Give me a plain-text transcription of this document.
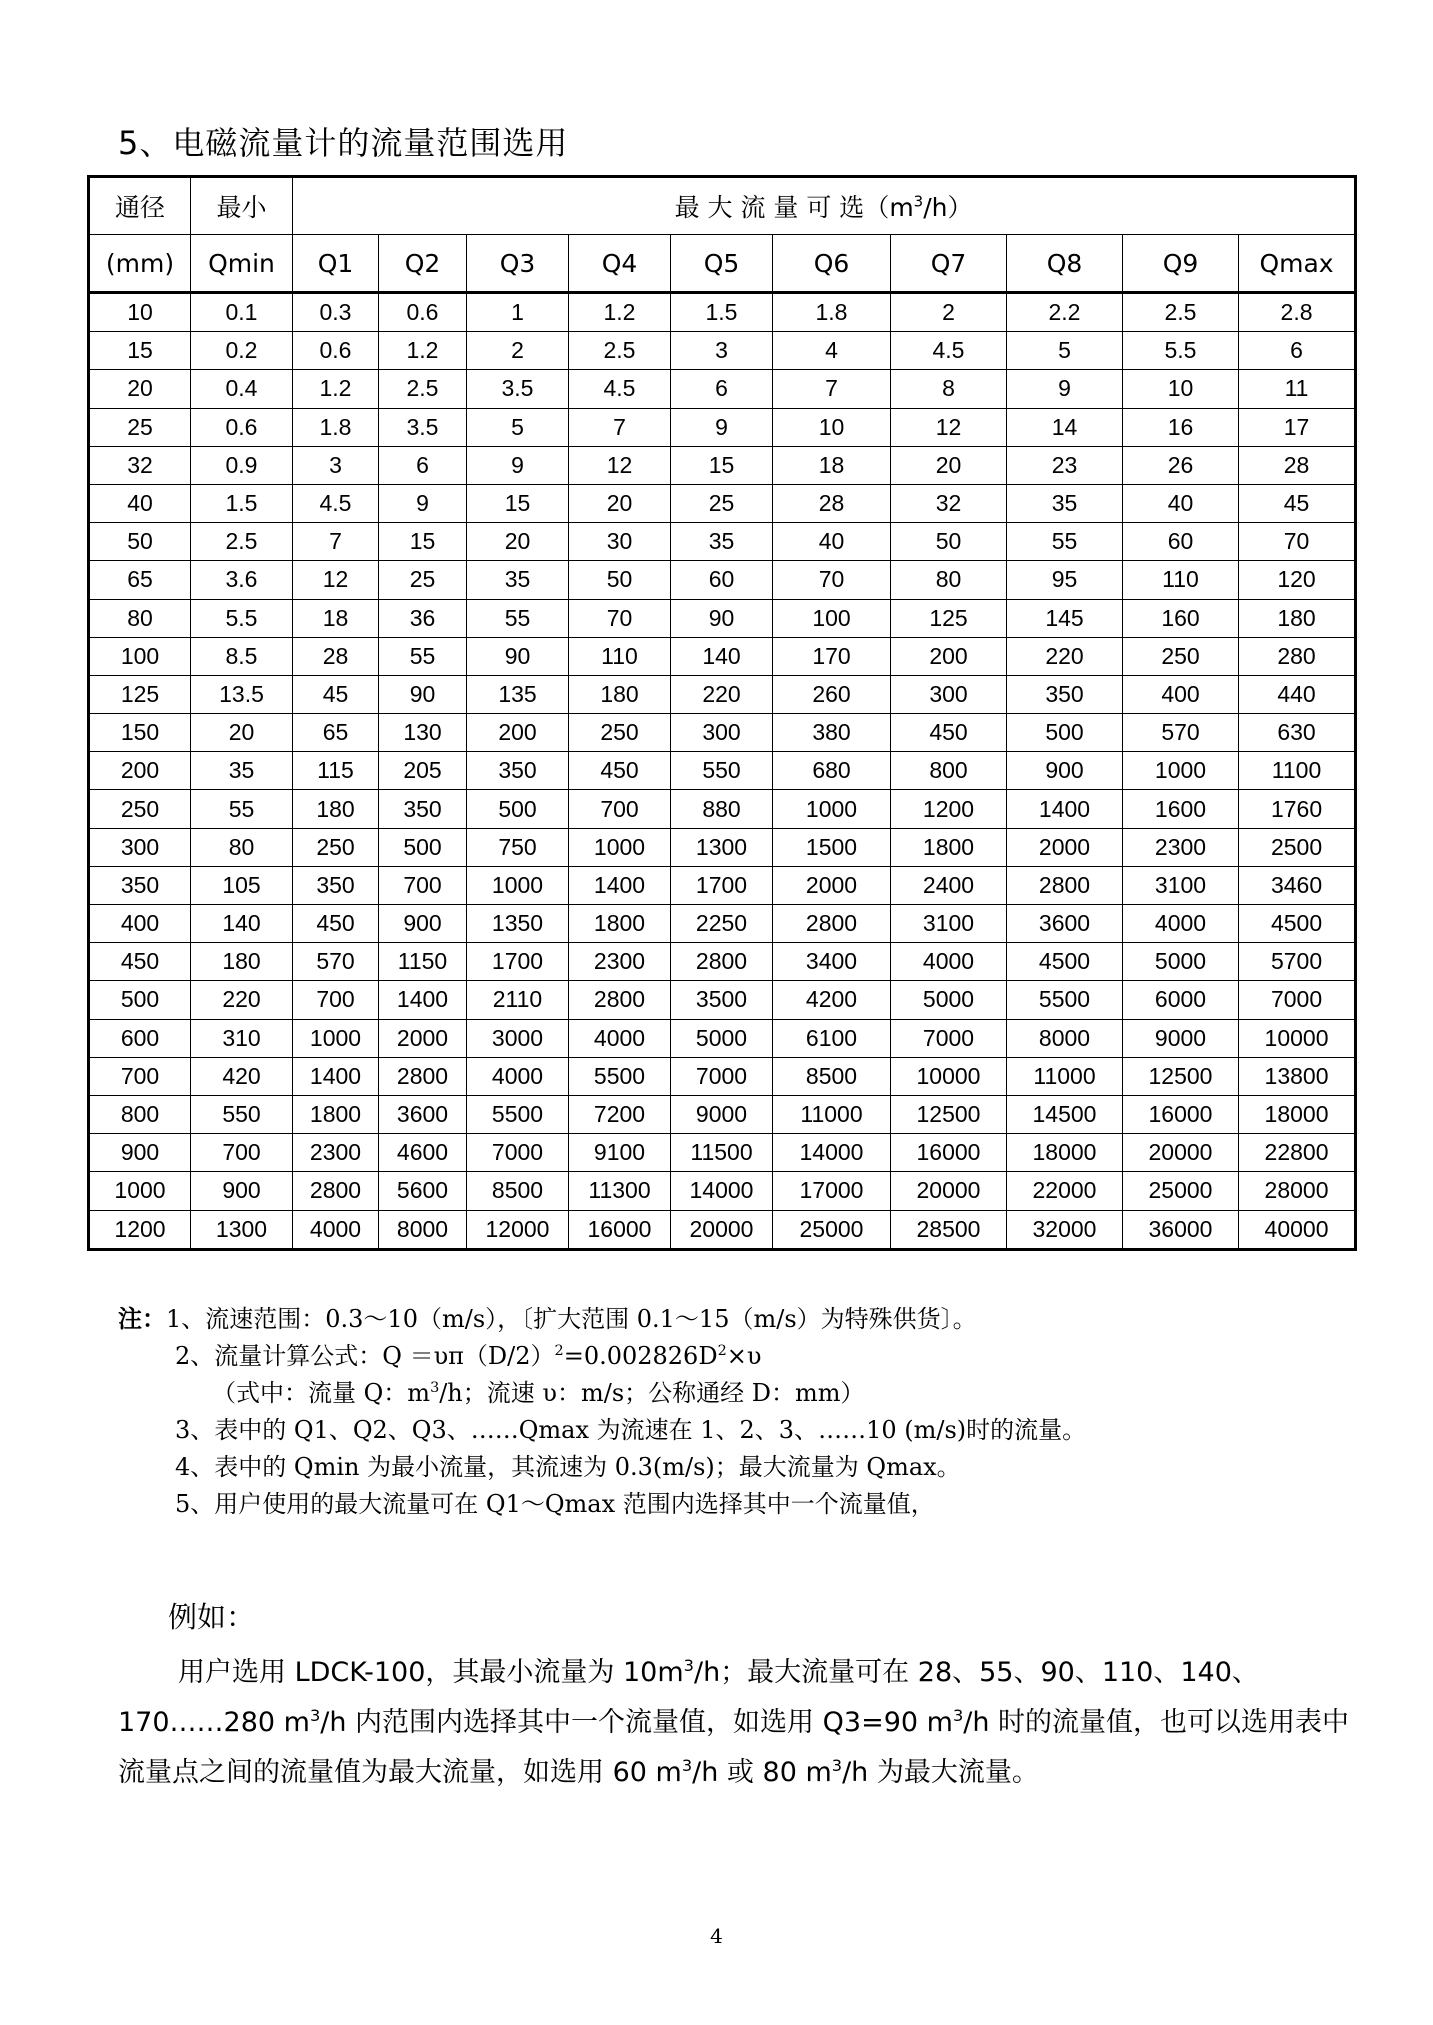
5、电磁流量计的流量范围选用
通径	最小	最 大 流 量 可 选$(m^3/h)$									
(mm)	Qmin	Q1	Q2	Q3	Q4	Q5	Q6	Q7	Q8	Q9	Qmax
10	0.1	0.3	0.6	1	1.2	1.5	1.8	2	2.2	2.5	2.8
15	0.2	0.6	1.2	2	2.5	3	4	4.5	5	5.5	6
20	0.4	1.2	2.5	3.5	4.5	6	7	8	9	10	11
25	0.6	1.8	3.5	5	7	9	10	12	14	16	17
32	0.9	3	6	9	12	15	18	20	23	26	28
40	1.5	4.5	9	15	20	25	28	32	35	40	45
50	2.5	7	15	20	30	35	40	50	55	60	70
65	3.6	12	25	35	50	60	70	80	95	110	120
80	5.5	18	36	55	70	90	100	125	145	160	180
100	8.5	28	55	90	110	140	170	200	220	250	280
125	13.5	45	90	135	180	220	260	300	350	400	440
150	20	65	130	200	250	300	380	450	500	570	630
200	35	115	205	350	450	550	680	800	900	1000	1100
250	55	180	350	500	700	880	1000	1200	1400	1600	1760
300	80	250	500	750	1000	1300	1500	1800	2000	2300	2500
350	105	350	700	1000	1400	1700	2000	2400	2800	3100	3460
400	140	450	900	1350	1800	2250	2800	3100	3600	4000	4500
450	180	570	1150	1700	2300	2800	3400	4000	4500	5000	5700
500	220	700	1400	2110	2800	3500	4200	5000	5500	6000	7000
600	310	1000	2000	3000	4000	5000	6100	7000	8000	9000	10000
700	420	1400	2800	4000	5500	7000	8500	10000	11000	12500	13800
800	550	1800	3600	5500	7200	9000	11000	12500	14500	16000	18000
900	700	2300	4600	7000	9100	11500	14000	16000	18000	20000	22800
1000	900	2800	5600	8500	11300	14000	17000	20000	22000	25000	28000
1200	1300	4000	8000	12000	16000	20000	25000	28500	32000	36000	40000
注：1、流速范围：0.3～10（m/s），〔扩大范围 0.1～15（m/s）为特殊供货〕。
2、流量计算公式：$Q =\upsilon\pi(D/2)^2=0.002826D^2\times\upsilon$
（式中：流量 Q：$m^3/h$；流速 υ：m/s；公称通经 D：mm）
3、表中的 Q1、Q2、Q3、……Qmax 为流速在 1、2、3、……10 (m/s)时的流量。
4、表中的 Qmin 为最小流量，其流速为 0.3(m/s)；最大流量为 Qmax。
5、用户使用的最大流量可在 Q1～Qmax 范围内选择其中一个流量值，
例如：
用户选用 LDCK-100，其最小流量为 $10m^3/h$；最大流量可在 28、55、90、110、140、170……280 $m^3/h$ 内范围内选择其中一个流量值，如选用 Q3=90 $m^3/h$ 时的流量值，也可以选用表中流量点之间的流量值为最大流量，如选用 60 $m^3/h$ 或 80 $m^3/h$ 为最大流量。
4
